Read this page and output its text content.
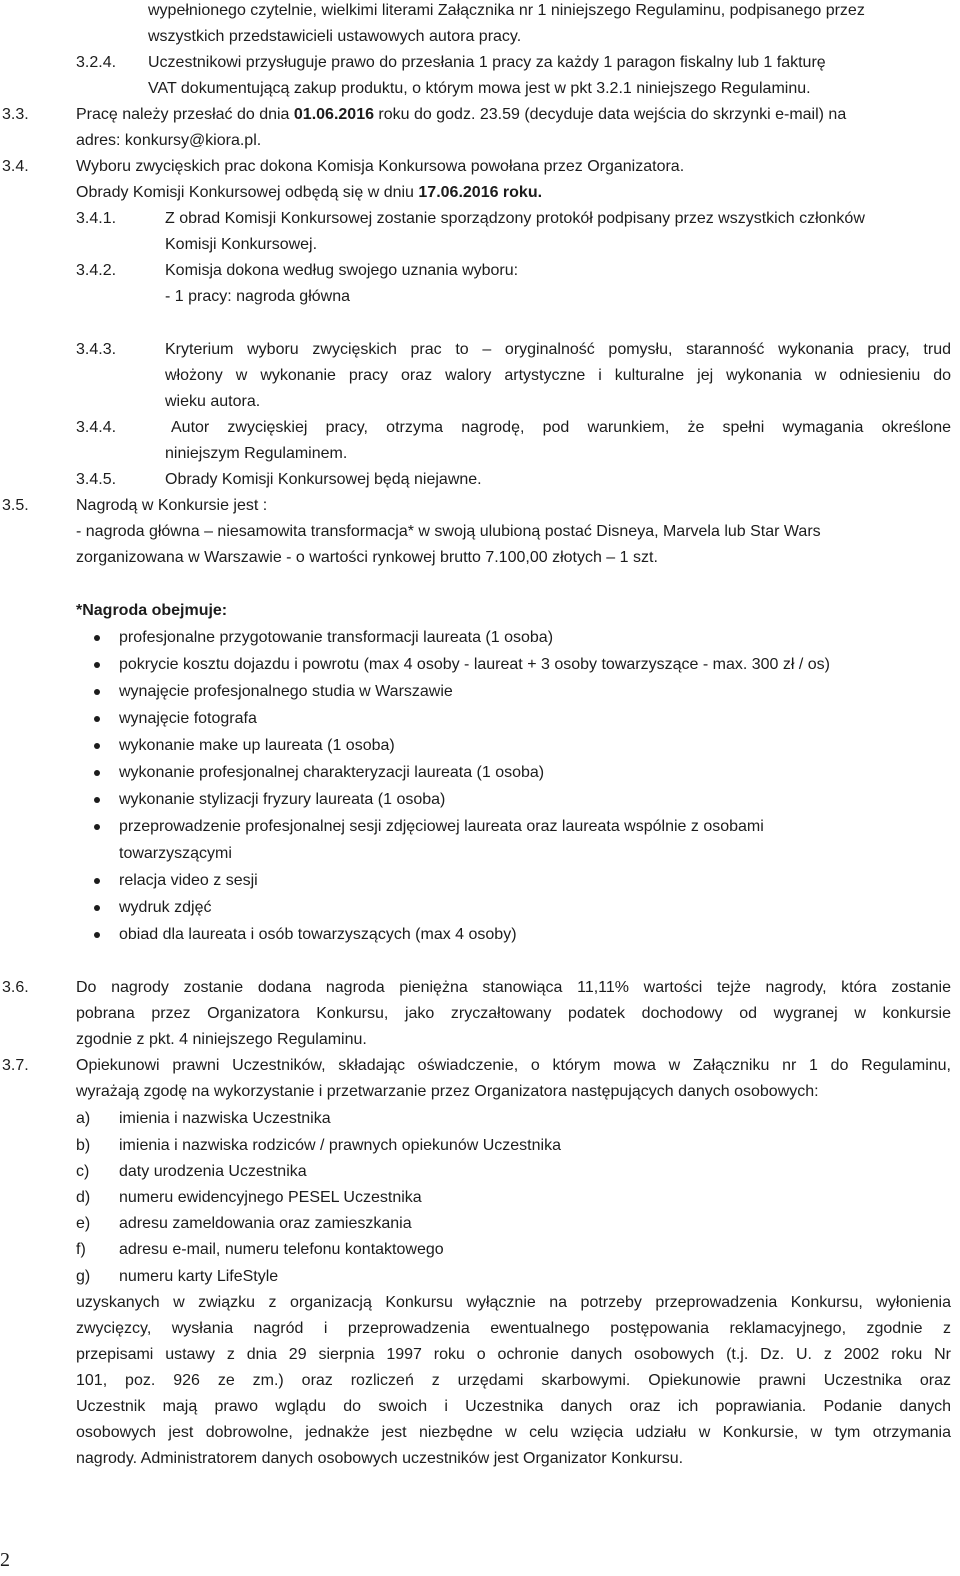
wypełnionego czytelnie, wielkimi literami Załącznika nr 1 niniejszego Regulaminu, podpisanego przez
wszystkich przedstawicieli ustawowych autora pracy.
3.2.4. Uczestnikowi przysługuje prawo do przesłania 1 pracy za każdy 1 paragon fiskalny lub 1 fakturę
VAT dokumentującą zakup produktu, o którym mowa jest w pkt 3.2.1 niniejszego Regulaminu.
3.3.	Pracę należy przesłać do dnia 01.06.2016 roku do godz. 23.59 (decyduje data wejścia do skrzynki e-mail) na
adres: konkursy@kiora.pl.
3.4.	Wyboru zwycięskich prac dokona Komisja Konkursowa powołana przez Organizatora.
Obrady Komisji Konkursowej odbędą się w dniu 17.06.2016 roku.
3.4.1.	Z obrad Komisji Konkursowej zostanie sporządzony protokół podpisany przez wszystkich członków
Komisji Konkursowej.
3.4.2.	Komisja dokona według swojego uznania wyboru:
- 1 pracy: nagroda główna
3.4.3.	Kryterium wyboru zwycięskich prac to – oryginalność pomysłu, staranność wykonania pracy, trud
włożony w wykonanie pracy oraz walory artystyczne i kulturalne jej wykonania w odniesieniu do
wieku autora.
3.4.4.	Autor zwycięskiej pracy, otrzyma nagrodę, pod warunkiem, że spełni wymagania określone
niniejszym Regulaminem.
3.4.5.	Obrady Komisji Konkursowej będą niejawne.
3.5.	Nagrodą w Konkursie jest :
- nagroda główna – niesamowita transformacja* w swoją ulubioną postać Disneya, Marvela lub Star Wars
zorganizowana w Warszawie - o wartości rynkowej brutto 7.100,00 złotych – 1 szt.
*Nagroda obejmuje:
profesjonalne przygotowanie transformacji laureata (1 osoba)
pokrycie kosztu dojazdu i powrotu (max 4 osoby - laureat + 3 osoby towarzyszące - max. 300 zł / os)
wynajęcie profesjonalnego studia w Warszawie
wynajęcie fotografa
wykonanie make up laureata (1 osoba)
wykonanie profesjonalnej charakteryzacji laureata (1 osoba)
wykonanie stylizacji fryzury laureata (1 osoba)
przeprowadzenie profesjonalnej sesji zdjęciowej laureata oraz laureata wspólnie z osobami
towarzyszącymi
relacja video z sesji
wydruk zdjęć
obiad dla laureata i osób towarzyszących (max 4 osoby)
3.6.	Do nagrody zostanie dodana nagroda pieniężna stanowiąca 11,11% wartości tejże nagrody, która zostanie
pobrana przez Organizatora Konkursu, jako zryczałtowany podatek dochodowy od wygranej w konkursie
zgodnie z pkt. 4 niniejszego Regulaminu.
3.7.	Opiekunowi prawni Uczestników, składając oświadczenie, o którym mowa w Załączniku nr 1 do Regulaminu,
wyrażają zgodę na wykorzystanie i przetwarzanie przez Organizatora następujących danych osobowych:
a) imienia i nazwiska Uczestnika
b) imienia i nazwiska rodziców / prawnych opiekunów Uczestnika
c) daty urodzenia Uczestnika
d) numeru ewidencyjnego PESEL Uczestnika
e) adresu zameldowania oraz zamieszkania
f) adresu e-mail, numeru telefonu kontaktowego
g) numeru karty LifeStyle
uzyskanych w związku z organizacją Konkursu wyłącznie na potrzeby przeprowadzenia Konkursu, wyłonienia
zwycięzcy, wysłania nagród i przeprowadzenia ewentualnego postępowania reklamacyjnego, zgodnie z
przepisami ustawy z dnia 29 sierpnia 1997 roku o ochronie danych osobowych (t.j. Dz. U. z 2002 roku Nr
101, poz. 926 ze zm.) oraz rozliczeń z urzędami skarbowymi. Opiekunowie prawni Uczestnika oraz
Uczestnik mają prawo wglądu do swoich i Uczestnika danych oraz ich poprawiania. Podanie danych
osobowych jest dobrowolne, jednakże jest niezbędne w celu wzięcia udziału w Konkursie, w tym otrzymania
nagrody. Administratorem danych osobowych uczestników jest Organizator Konkursu.
2
